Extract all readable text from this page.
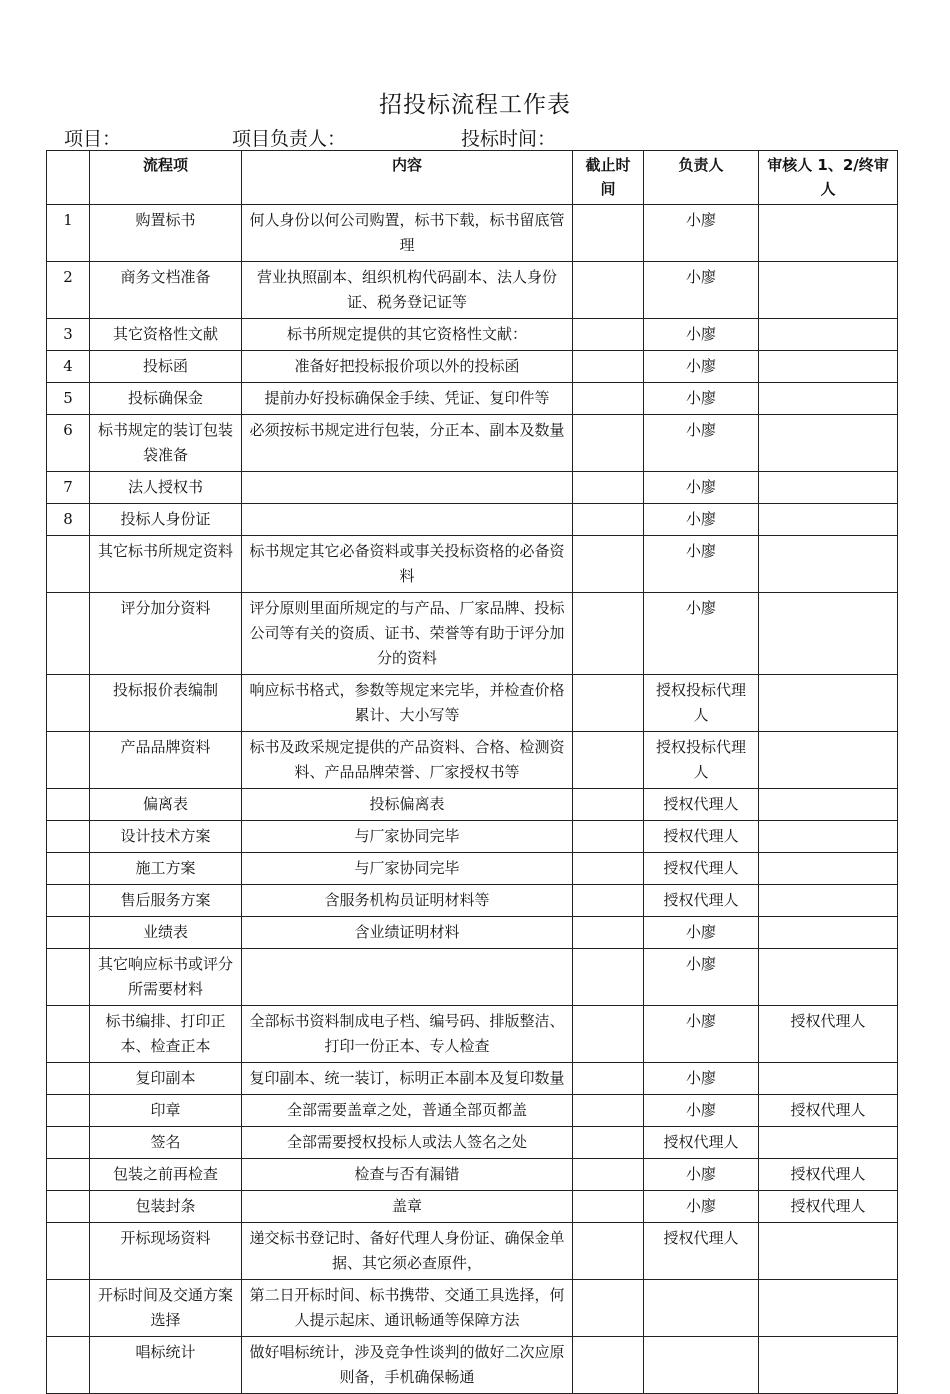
招投标流程工作表
项目：	项目负责人：	投标时间：
	流程项	内容	截止时间	负责人	审核人 1、2/终审人
1	购置标书	何人身份以何公司购置，标书下载，标书留底管理		小廖	
2	商务文档准备	营业执照副本、组织机构代码副本、法人身份证、税务登记证等		小廖	
3	其它资格性文献	标书所规定提供的其它资格性文献：		小廖	
4	投标函	准备好把投标报价项以外的投标函		小廖	
5	投标确保金	提前办好投标确保金手续、凭证、复印件等		小廖	
6	标书规定的装订包装袋准备	必须按标书规定进行包装，分正本、副本及数量		小廖	
7	法人授权书			小廖	
8	投标人身份证			小廖	
	其它标书所规定资料	标书规定其它必备资料或事关投标资格的必备资料		小廖	
	评分加分资料	评分原则里面所规定的与产品、厂家品牌、投标公司等有关的资质、证书、荣誉等有助于评分加分的资料		小廖	
	投标报价表编制	响应标书格式，参数等规定来完毕，并检查价格累计、大小写等		授权投标代理人	
	产品品牌资料	标书及政采规定提供的产品资料、合格、检测资料、产品品牌荣誉、厂家授权书等		授权投标代理人	
	偏离表	投标偏离表		授权代理人	
	设计技术方案	与厂家协同完毕		授权代理人	
	施工方案	与厂家协同完毕		授权代理人	
	售后服务方案	含服务机构员证明材料等		授权代理人	
	业绩表	含业绩证明材料		小廖	
	其它响应标书或评分所需要材料			小廖	
	标书编排、打印正本、检查正本	全部标书资料制成电子档、编号码、排版整洁、打印一份正本、专人检查		小廖	授权代理人
	复印副本	复印副本、统一装订，标明正本副本及复印数量		小廖	
	印章	全部需要盖章之处，普通全部页都盖		小廖	授权代理人
	签名	全部需要授权投标人或法人签名之处		授权代理人	
	包装之前再检查	检查与否有漏错		小廖	授权代理人
	包装封条	盖章		小廖	授权代理人
	开标现场资料	递交标书登记时、备好代理人身份证、确保金单据、其它须必查原件，		授权代理人	
	开标时间及交通方案选择	第二日开标时间、标书携带、交通工具选择，何人提示起床、通讯畅通等保障方法			
	唱标统计	做好唱标统计，涉及竞争性谈判的做好二次应原则备，手机确保畅通			
